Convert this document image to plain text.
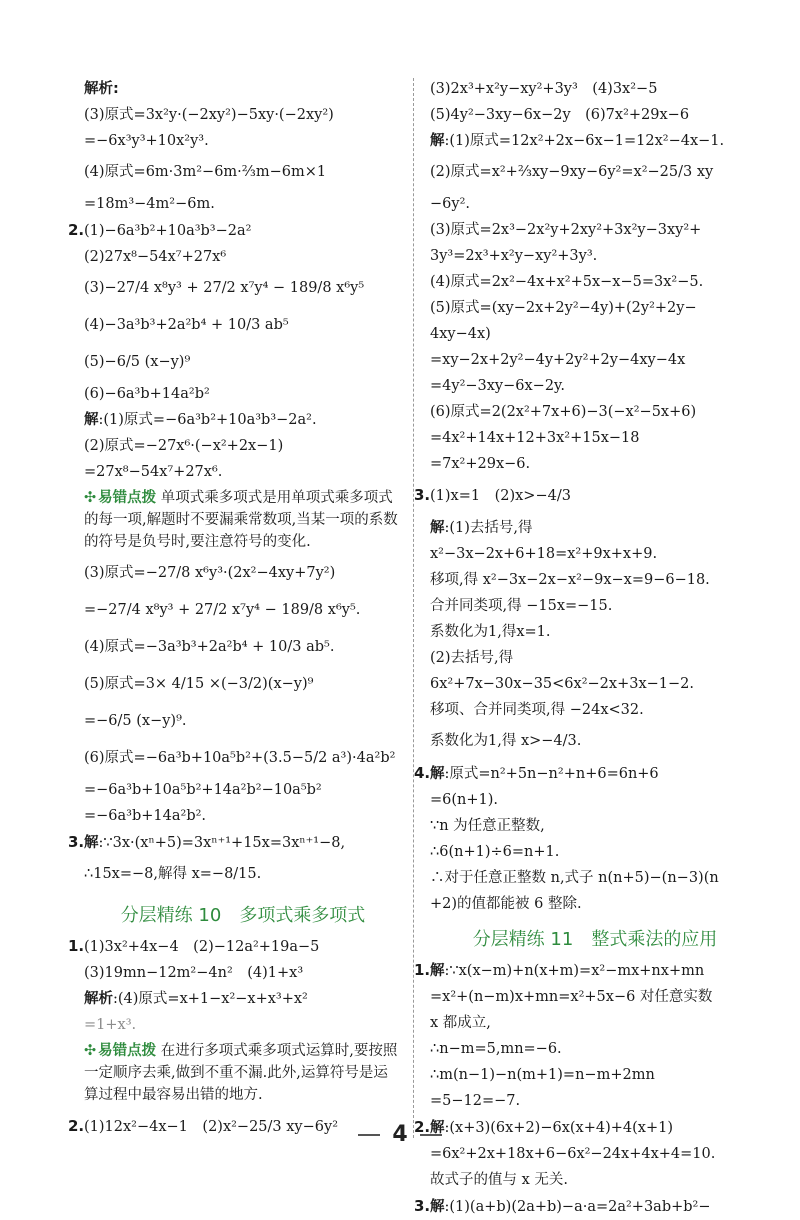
解析:
(3)原式=3x²y·(−2xy²)−5xy·(−2xy²)
=−6x³y³+10x²y³.
(4)原式=6m·3m²−6m·⅔m−6m×1
=18m³−4m²−6m.
2.(1)−6a³b²+10a³b³−2a²
(2)27x⁸−54x⁷+27x⁶
(3)−27/4 x⁸y³ + 27/2 x⁷y⁴ − 189/8 x⁶y⁵
(4)−3a³b³+2a²b⁴ + 10/3 ab⁵
(5)−6/5 (x−y)⁹
(6)−6a³b+14a²b²
解:(1)原式=−6a³b²+10a³b³−2a².
(2)原式=−27x⁶·(−x²+2x−1)
=27x⁸−54x⁷+27x⁶.
✣ 易错点拨 单项式乘多项式是用单项式乘多项式的每一项,解题时不要漏乘常数项,当某一项的系数的符号是负号时,要注意符号的变化.
(3)原式=−27/8 x⁶y³·(2x²−4xy+7y²)
=−27/4 x⁸y³ + 27/2 x⁷y⁴ − 189/8 x⁶y⁵.
(4)原式=−3a³b³+2a²b⁴ + 10/3 ab⁵.
(5)原式=3× 4/15 ×(−3/2)(x−y)⁹
=−6/5 (x−y)⁹.
(6)原式=−6a³b+10a⁵b²+(3.5−5/2 a³)·4a²b²
=−6a³b+10a⁵b²+14a²b²−10a⁵b²
=−6a³b+14a²b².
3.解:∵3x·(xⁿ+5)=3xⁿ⁺¹+15x=3xⁿ⁺¹−8,
∴15x=−8,解得 x=−8/15.
分层精练 10　多项式乘多项式
1.(1)3x²+4x−4　(2)−12a²+19a−5
(3)19mn−12m²−4n²　(4)1+x³
解析:(4)原式=x+1−x²−x+x³+x²
=1+x³.
✣ 易错点拨 在进行多项式乘多项式运算时,要按照一定顺序去乘,做到不重不漏.此外,运算符号是运算过程中最容易出错的地方.
2.(1)12x²−4x−1　(2)x²−25/3 xy−6y²
(3)2x³+x²y−xy²+3y³　(4)3x²−5
(5)4y²−3xy−6x−2y　(6)7x²+29x−6
解:(1)原式=12x²+2x−6x−1=12x²−4x−1.
(2)原式=x²+⅔xy−9xy−6y²=x²−25/3 xy
−6y².
(3)原式=2x³−2x²y+2xy²+3x²y−3xy²+
3y³=2x³+x²y−xy²+3y³.
(4)原式=2x²−4x+x²+5x−x−5=3x²−5.
(5)原式=(xy−2x+2y²−4y)+(2y²+2y−
4xy−4x)
=xy−2x+2y²−4y+2y²+2y−4xy−4x
=4y²−3xy−6x−2y.
(6)原式=2(2x²+7x+6)−3(−x²−5x+6)
=4x²+14x+12+3x²+15x−18
=7x²+29x−6.
3.(1)x=1　(2)x>−4/3
解:(1)去括号,得
x²−3x−2x+6+18=x²+9x+x+9.
移项,得 x²−3x−2x−x²−9x−x=9−6−18.
合并同类项,得 −15x=−15.
系数化为1,得x=1.
(2)去括号,得
6x²+7x−30x−35<6x²−2x+3x−1−2.
移项、合并同类项,得 −24x<32.
系数化为1,得 x>−4/3.
4.解:原式=n²+5n−n²+n+6=6n+6
=6(n+1).
∵n 为任意正整数,
∴6(n+1)÷6=n+1.
∴对于任意正整数 n,式子 n(n+5)−(n−3)(n
+2)的值都能被 6 整除.
分层精练 11　整式乘法的应用
1.解:∵x(x−m)+n(x+m)=x²−mx+nx+mn
=x²+(n−m)x+mn=x²+5x−6 对任意实数
x 都成立,
∴n−m=5,mn=−6.
∴m(n−1)−n(m+1)=n−m+2mn
=5−12=−7.
2.解:(x+3)(6x+2)−6x(x+4)+4(x+1)
=6x²+2x+18x+6−6x²−24x+4x+4=10.
故式子的值与 x 无关.
3.解:(1)(a+b)(2a+b)−a·a=2a²+3ab+b²−
4
